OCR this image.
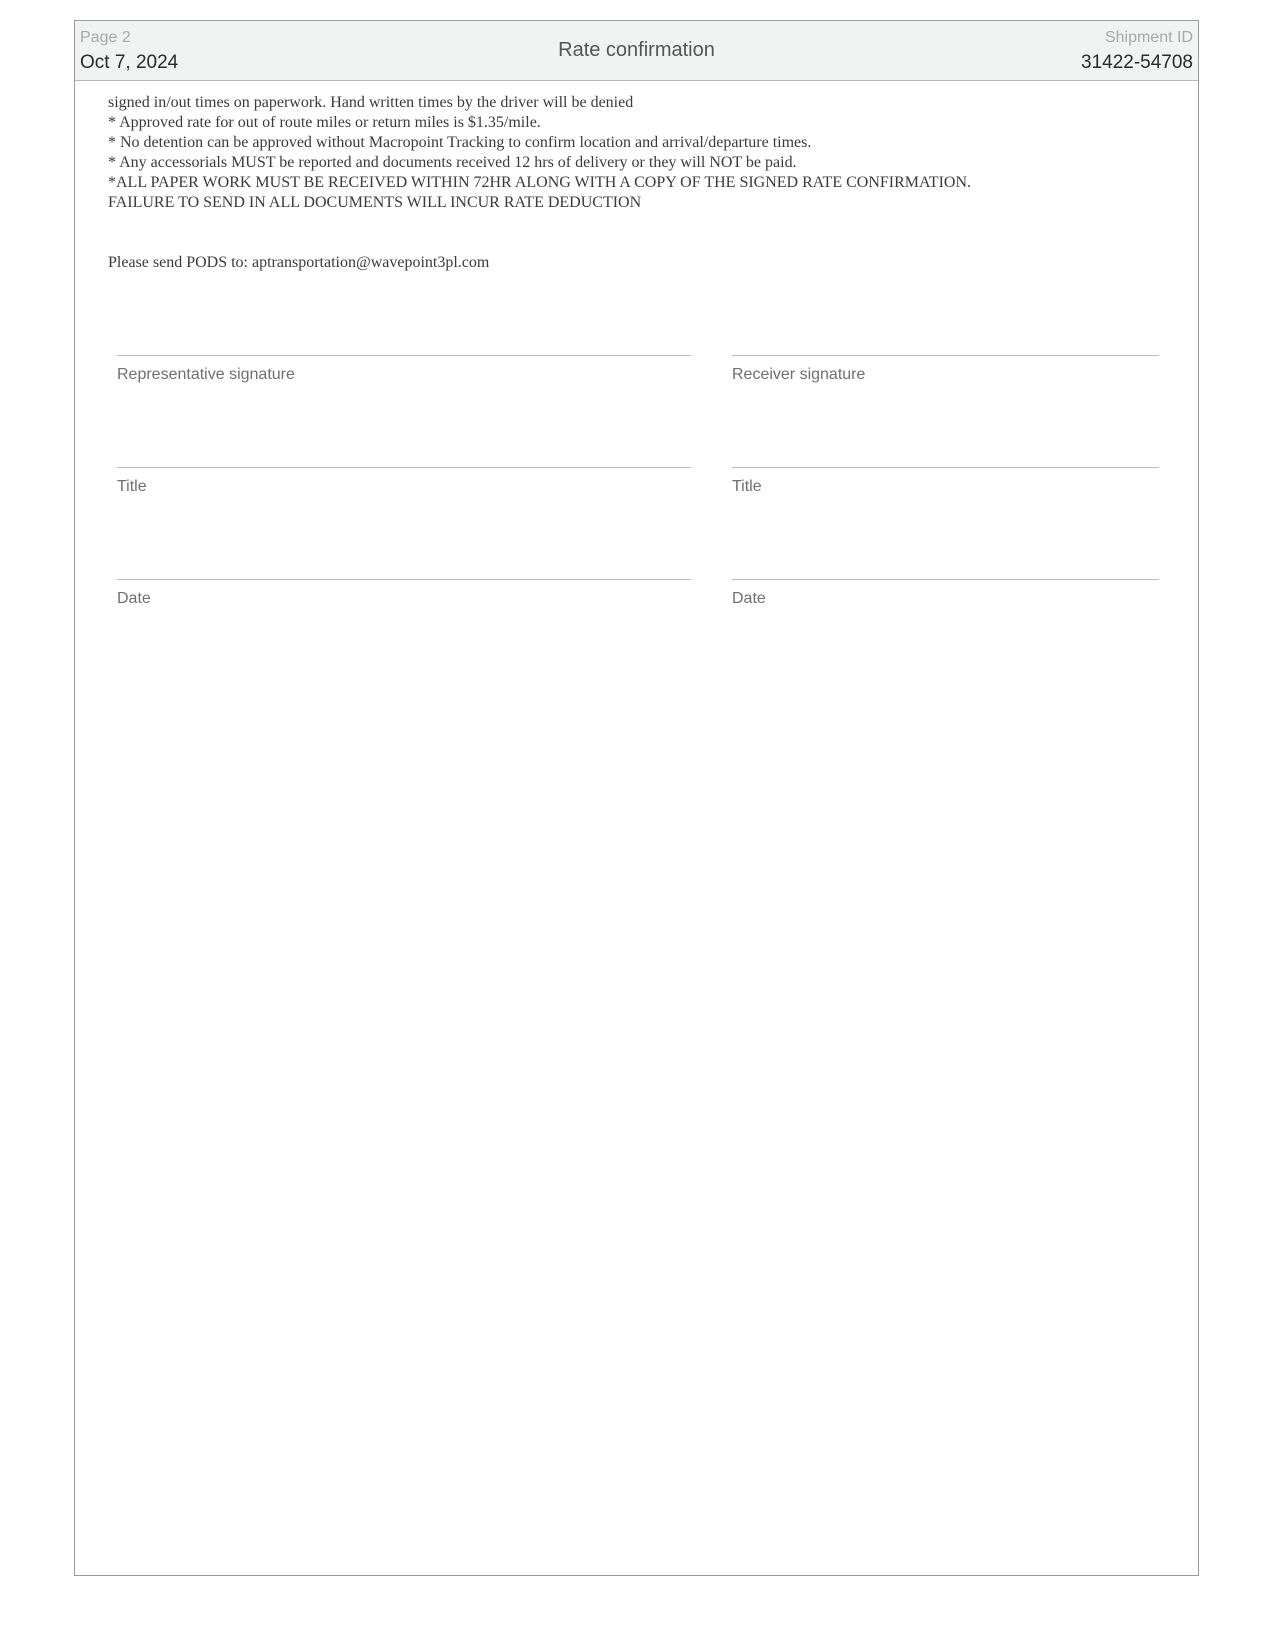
Page 2
Oct 7, 2024
Rate confirmation
Shipment ID
31422-54708
signed in/out times on paperwork. Hand written times by the driver will be denied
* Approved rate for out of route miles or return miles is $1.35/mile.
* No detention can be approved without Macropoint Tracking to confirm location and arrival/departure times.
* Any accessorials MUST be reported and documents received 12 hrs of delivery or they will NOT be paid.
*ALL PAPER WORK MUST BE RECEIVED WITHIN 72HR ALONG WITH A COPY OF THE SIGNED RATE CONFIRMATION.
FAILURE TO SEND IN ALL DOCUMENTS WILL INCUR RATE DEDUCTION
Please send PODS to: aptransportation@wavepoint3pl.com
Representative signature
Title
Date
Receiver signature
Title
Date
